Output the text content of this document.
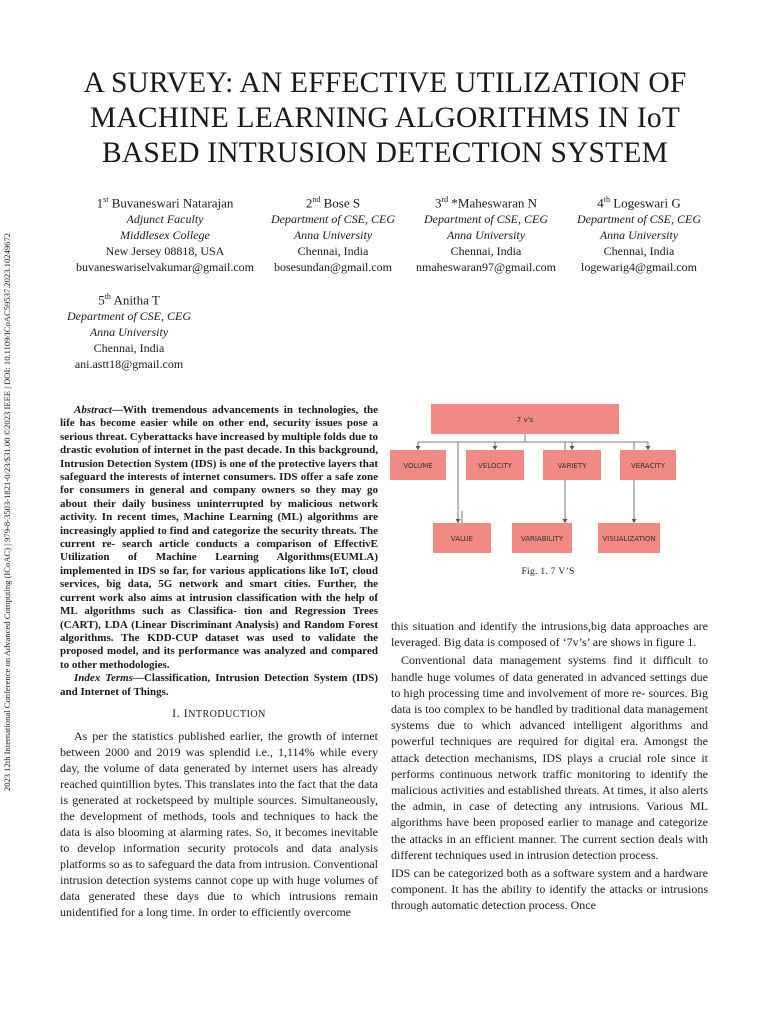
2023 12th International Conference on Advanced Computing (ICoAC) | 979-8-3503-1821-0/23/$31.00 ©2023 IEEE | DOI: 10.1109/ICoAC59537.2023.10249672
A SURVEY: AN EFFECTIVE UTILIZATION OF
MACHINE LEARNING ALGORITHMS IN IoT
BASED INTRUSION DETECTION SYSTEM
1st Buvaneswari Natarajan
Adjunct Faculty
Middlesex College
New Jersey 08818, USA
buvaneswariselvakumar@gmail.com
2nd Bose S
Department of CSE, CEG
Anna University
Chennai, India
bosesundan@gmail.com
3rd *Maheswaran N
Department of CSE, CEG
Anna University
Chennai, India
nmaheswaran97@gmail.com
4th Logeswari G
Department of CSE, CEG
Anna University
Chennai, India
logewarig4@gmail.com
5th Anitha T
Department of CSE, CEG
Anna University
Chennai, India
ani.astt18@gmail.com

Abstract—With tremendous advancements in technologies, the life has become easier while on other end, security issues pose a serious threat. Cyberattacks have increased by multiple folds due to drastic evolution of internet in the past decade. In this background, Intrusion Detection System (IDS) is one of the protective layers that safeguard the interests of internet consumers. IDS offer a safe zone for consumers in general and company owners so they may go about their daily business uninterrupted by malicious network activity. In recent times, Machine Learning (ML) algorithms are increasingly applied to find and categorize the security threats. The current re- search article conducts a comparison of EffectivE Utilization of Machine Learning Algorithms(EUMLA) implemented in IDS so far, for various applications like IoT, cloud services, big data, 5G network and smart cities. Further, the current work also aims at intrusion classification with the help of ML algorithms such as Classifica- tion and Regression Trees (CART), LDA (Linear Discriminant Analysis) and Random Forest algorithms. The KDD-CUP dataset was used to validate the proposed model, and its performance was analyzed and compared to other methodologies.

Index Terms—Classification, Intrusion Detection System (IDS) and Internet of Things.

I. INTRODUCTION

As per the statistics published earlier, the growth of internet between 2000 and 2019 was splendid i.e., 1,114% while every day, the volume of data generated by internet users has already reached quintillion bytes. This translates into the fact that the data is generated at rocketspeed by multiple sources. Simultaneously, the development of methods, tools and techniques to hack the data is also blooming at alarming rates. So, it becomes inevitable to develop information security protocols and data analysis platforms so as to safeguard the data from intrusion. Conventional intrusion detection systems cannot cope up with huge volumes of data generated these days due to which intrusions remain unidentified for a long time. In order to efficiently overcome

7 v's
VOLUME	VELOCITY	VARIETY	VERACITY
VALUE	VARIABILITY	VISUALIZATION
Fig. 1. 7 V’S

this situation and identify the intrusions,big data approaches are leveraged. Big data is composed of ‘7v’s’ are shows in figure 1.

Conventional data management systems find it difficult to handle huge volumes of data generated in advanced settings due to high processing time and involvement of more re- sources. Big data is too complex to be handled by traditional data management systems due to which advanced intelligent algorithms and powerful techniques are required for digital era. Amongst the attack detection mechanisms, IDS plays a crucial role since it performs continuous network traffic monitoring to identify the malicious activities and established threats. At times, it also alerts the admin, in case of detecting any intrusions. Various ML algorithms have been proposed earlier to manage and categorize the attacks in an efficient manner. The current section deals with different techniques used in intrusion detection process.

IDS can be categorized both as a software system and a hardware component. It has the ability to identify the attacks or intrusions through automatic detection process. Once
